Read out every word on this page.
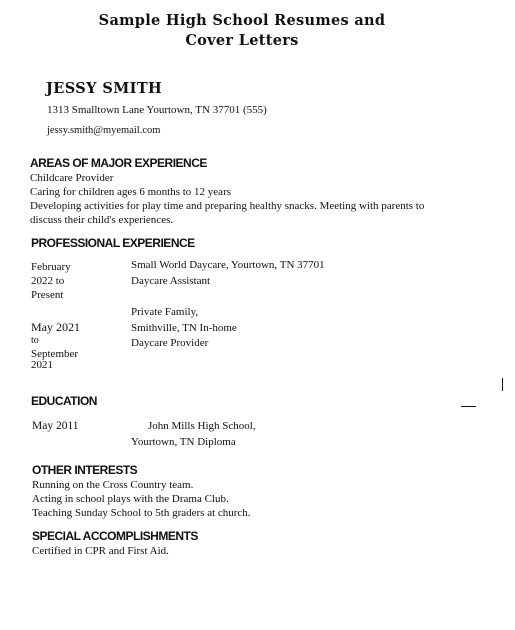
Sample High School Resumes and
Cover Letters
JESSY SMITH
1313 Smalltown Lane Yourtown, TN 37701 (555)
jessy.smith@myemail.com
AREAS OF MAJOR EXPERIENCE
Childcare Provider
Caring for children ages 6 months to 12 years
Developing activities for play time and preparing healthy snacks. Meeting with parents to
discuss their child's experiences.
PROFESSIONAL EXPERIENCE
February
2022 to
Present
Small World Daycare, Yourtown, TN 37701
Daycare Assistant
May 2021
to
September
2021
Private Family,
Smithville, TN In-home
Daycare Provider
EDUCATION
May 2011	John Mills High School,
Yourtown, TN Diploma
OTHER INTERESTS
Running on the Cross Country team.
Acting in school plays with the Drama Club.
Teaching Sunday School to 5th graders at church.
SPECIAL ACCOMPLISHMENTS
Certified in CPR and First Aid.
